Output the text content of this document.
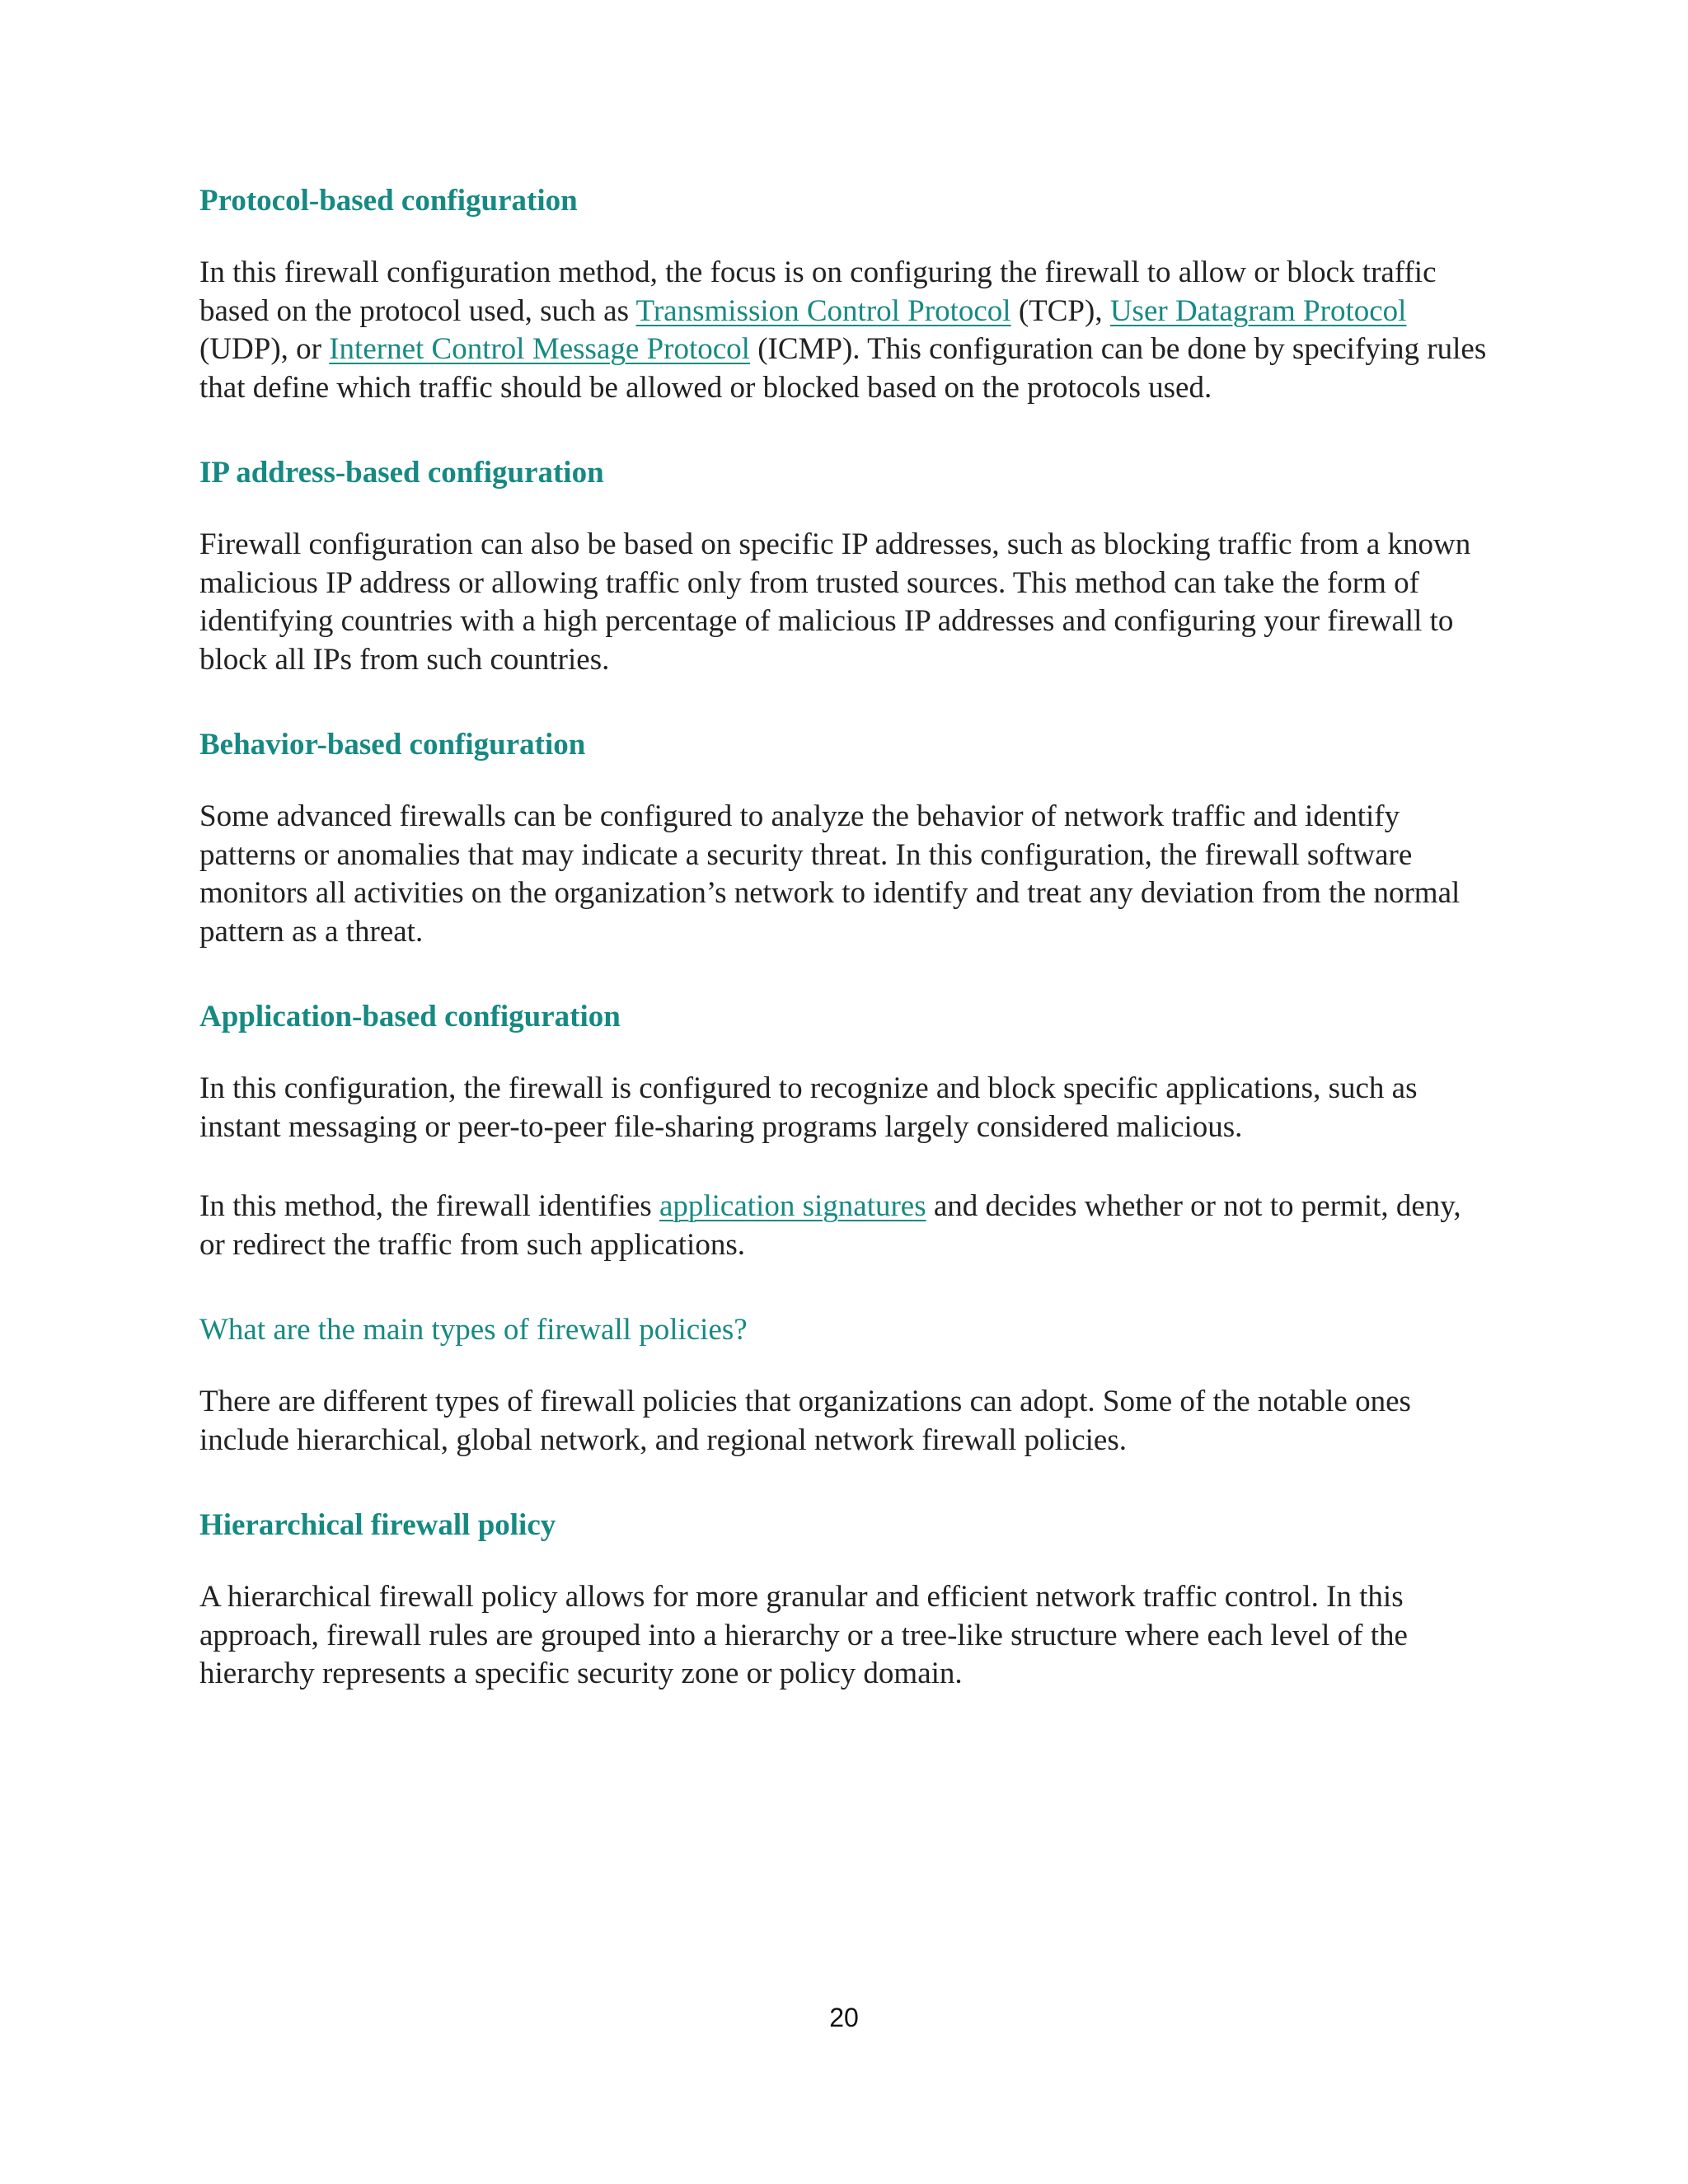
Protocol-based configuration

In this firewall configuration method, the focus is on configuring the firewall to allow or block traffic based on the protocol used, such as Transmission Control Protocol (TCP), User Datagram Protocol (UDP), or Internet Control Message Protocol (ICMP). This configuration can be done by specifying rules that define which traffic should be allowed or blocked based on the protocols used.

IP address-based configuration

Firewall configuration can also be based on specific IP addresses, such as blocking traffic from a known malicious IP address or allowing traffic only from trusted sources. This method can take the form of identifying countries with a high percentage of malicious IP addresses and configuring your firewall to block all IPs from such countries.

Behavior-based configuration

Some advanced firewalls can be configured to analyze the behavior of network traffic and identify patterns or anomalies that may indicate a security threat. In this configuration, the firewall software monitors all activities on the organization’s network to identify and treat any deviation from the normal pattern as a threat.

Application-based configuration

In this configuration, the firewall is configured to recognize and block specific applications, such as instant messaging or peer-to-peer file-sharing programs largely considered malicious.

In this method, the firewall identifies application signatures and decides whether or not to permit, deny, or redirect the traffic from such applications.

What are the main types of firewall policies?

There are different types of firewall policies that organizations can adopt. Some of the notable ones include hierarchical, global network, and regional network firewall policies.

Hierarchical firewall policy

A hierarchical firewall policy allows for more granular and efficient network traffic control. In this approach, firewall rules are grouped into a hierarchy or a tree-like structure where each level of the hierarchy represents a specific security zone or policy domain.

20
